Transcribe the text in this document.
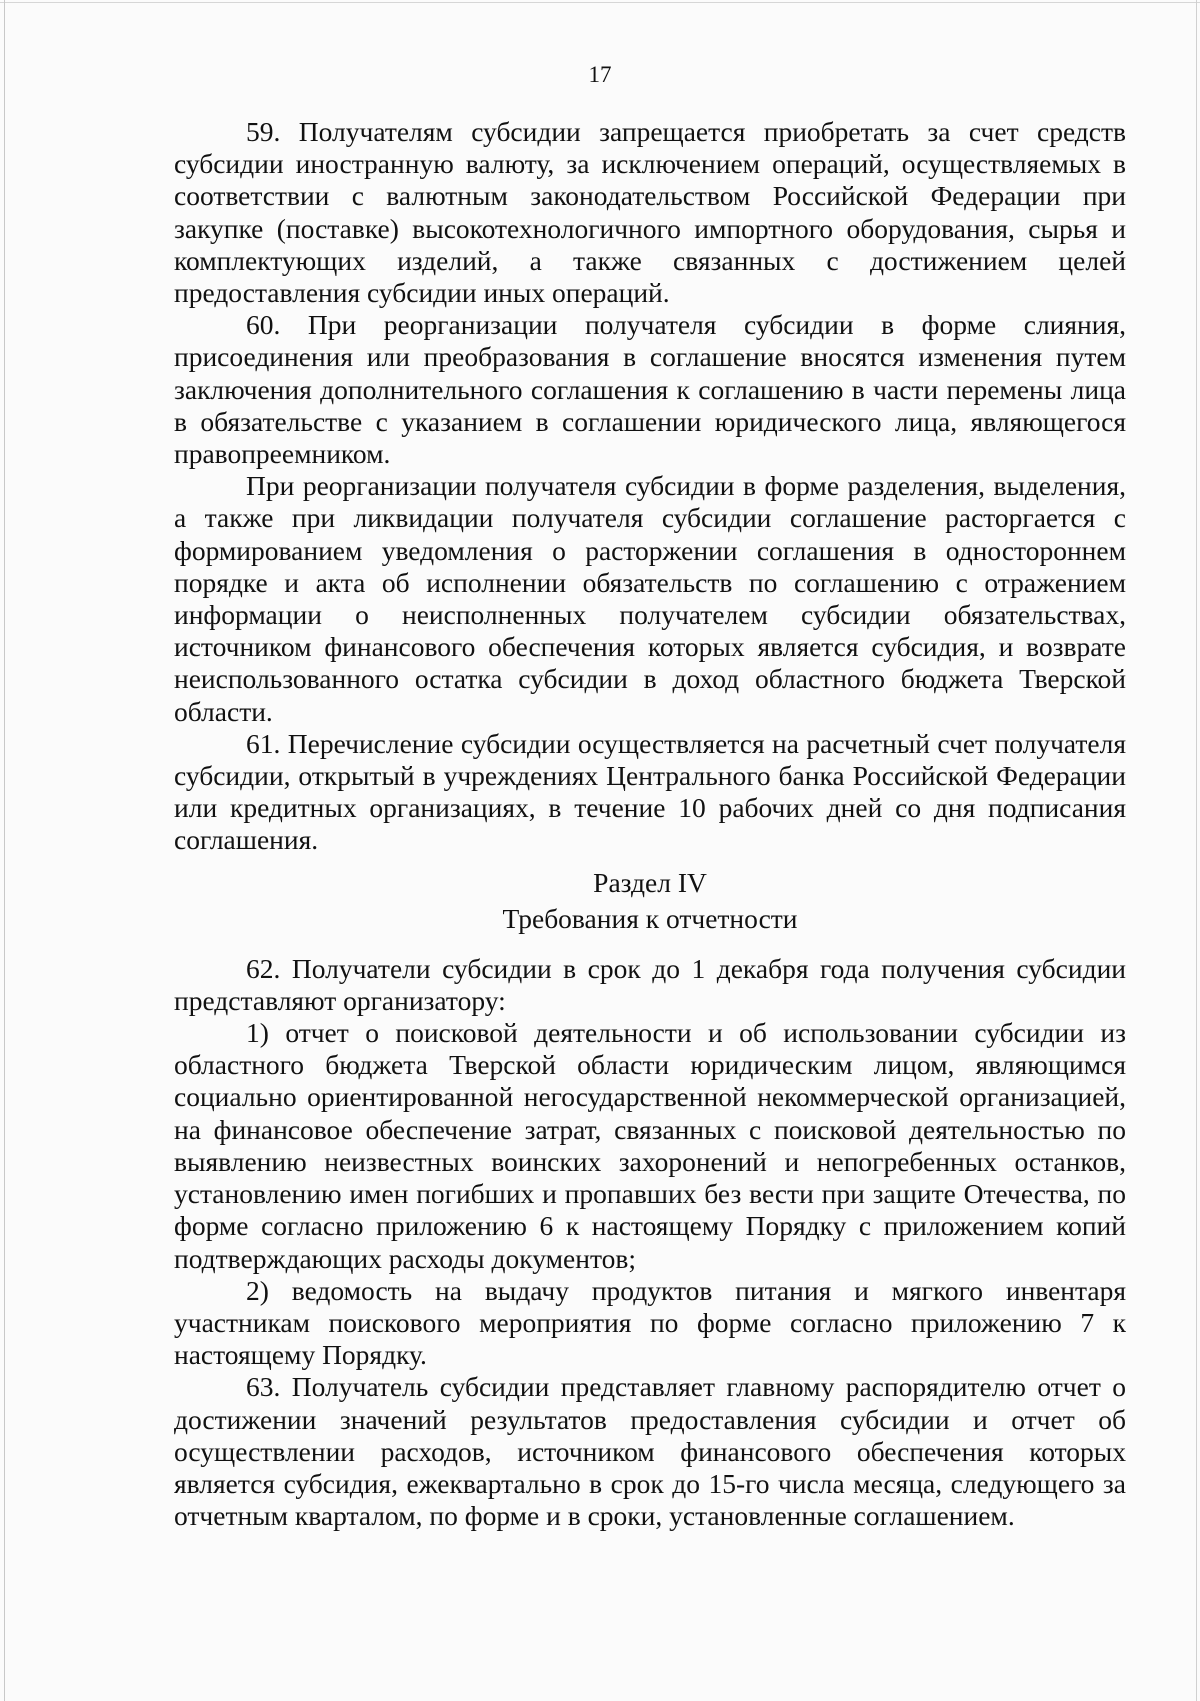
17

59. Получателям субсидии запрещается приобретать за счет средств субсидии иностранную валюту, за исключением операций, осуществляемых в соответствии с валютным законодательством Российской Федерации при закупке (поставке) высокотехнологичного импортного оборудования, сырья и комплектующих изделий, а также связанных с достижением целей предоставления субсидии иных операций.

60. При реорганизации получателя субсидии в форме слияния, присоединения или преобразования в соглашение вносятся изменения путем заключения дополнительного соглашения к соглашению в части перемены лица в обязательстве с указанием в соглашении юридического лица, являющегося правопреемником.

При реорганизации получателя субсидии в форме разделения, выделения, а также при ликвидации получателя субсидии соглашение расторгается с формированием уведомления о расторжении соглашения в одностороннем порядке и акта об исполнении обязательств по соглашению с отражением информации о неисполненных получателем субсидии обязательствах, источником финансового обеспечения которых является субсидия, и возврате неиспользованного остатка субсидии в доход областного бюджета Тверской области.

61. Перечисление субсидии осуществляется на расчетный счет получателя субсидии, открытый в учреждениях Центрального банка Российской Федерации или кредитных организациях, в течение 10 рабочих дней со дня подписания соглашения.

Раздел IV
Требования к отчетности

62. Получатели субсидии в срок до 1 декабря года получения субсидии представляют организатору:

1) отчет о поисковой деятельности и об использовании субсидии из областного бюджета Тверской области юридическим лицом, являющимся социально ориентированной негосударственной некоммерческой организацией, на финансовое обеспечение затрат, связанных с поисковой деятельностью по выявлению неизвестных воинских захоронений и непогребенных останков, установлению имен погибших и пропавших без вести при защите Отечества, по форме согласно приложению 6 к настоящему Порядку с приложением копий подтверждающих расходы документов;

2) ведомость на выдачу продуктов питания и мягкого инвентаря участникам поискового мероприятия по форме согласно приложению 7 к настоящему Порядку.

63. Получатель субсидии представляет главному распорядителю отчет о достижении значений результатов предоставления субсидии и отчет об осуществлении расходов, источником финансового обеспечения которых является субсидия, ежеквартально в срок до 15-го числа месяца, следующего за отчетным кварталом, по форме и в сроки, установленные соглашением.
